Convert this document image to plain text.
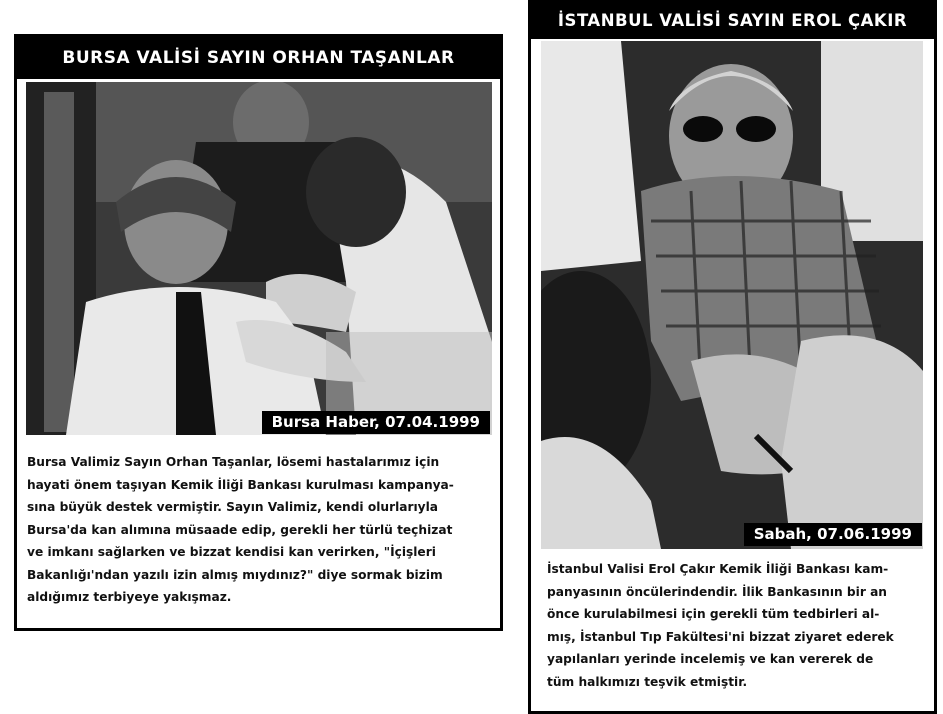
BURSA VALİSİ SAYIN ORHAN TAŞANLAR
Bursa Haber, 07.04.1999
Bursa Valimiz Sayın Orhan Taşanlar, lösemi hastalarımız için
hayati önem taşıyan Kemik İliği Bankası kurulması kampanya-
sına büyük destek vermiştir. Sayın Valimiz, kendi olurlarıyla
Bursa'da kan alımına müsaade edip, gerekli her türlü teçhizat
ve imkanı sağlarken ve bizzat kendisi kan verirken, "İçişleri
Bakanlığı'ndan yazılı izin almış mıydınız?" diye sormak bizim
aldığımız terbiyeye yakışmaz.
İSTANBUL VALİSİ SAYIN EROL ÇAKIR
Sabah, 07.06.1999
İstanbul Valisi Erol Çakır Kemik İliği Bankası kam-
panyasının öncülerindendir. İlik Bankasının bir an
önce kurulabilmesi için gerekli tüm tedbirleri al-
mış, İstanbul Tıp Fakültesi'ni bizzat ziyaret ederek
yapılanları yerinde incelemiş ve kan vererek de
tüm halkımızı teşvik etmiştir.
